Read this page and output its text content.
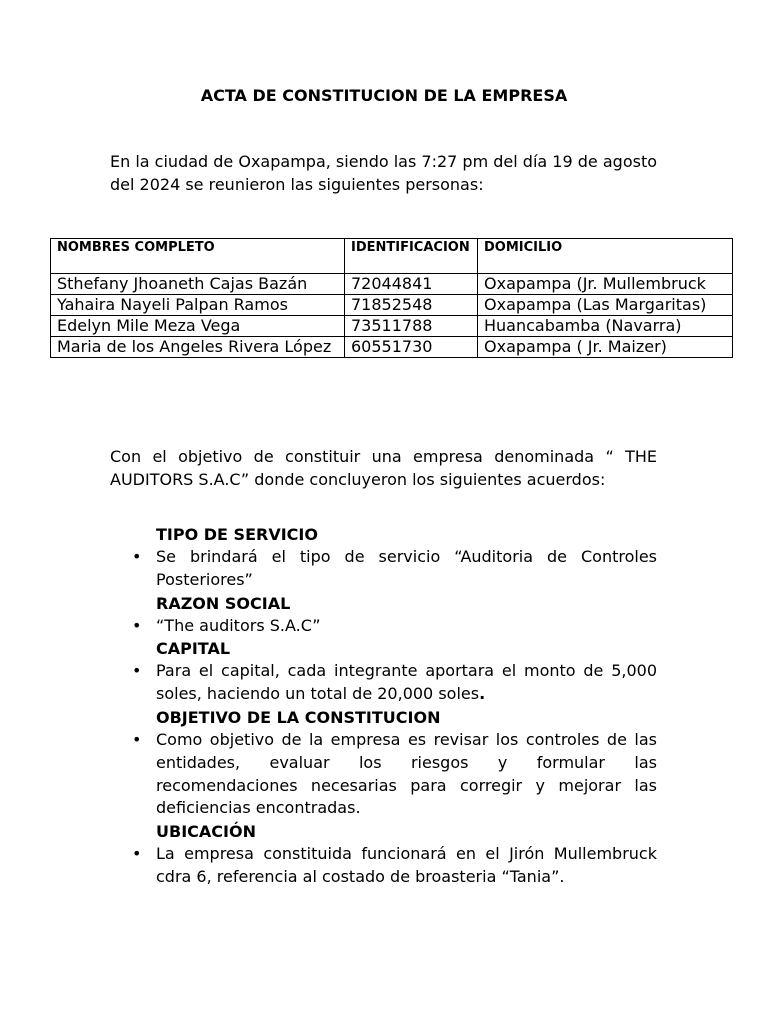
ACTA DE CONSTITUCION DE LA EMPRESA
En la ciudad de Oxapampa, siendo las 7:27 pm del día 19 de agosto del 2024 se reunieron las siguientes personas:
NOMBRES COMPLETO	IDENTIFICACION	DOMICILIO
Sthefany Jhoaneth Cajas Bazán	72044841	Oxapampa (Jr. Mullembruck
Yahaira Nayeli Palpan Ramos	71852548	Oxapampa (Las Margaritas)
Edelyn Mile Meza Vega	73511788	Huancabamba (Navarra)
Maria de los Angeles Rivera López	60551730	Oxapampa ( Jr. Maizer)
Con el objetivo de constituir una empresa denominada “ THE AUDITORS S.A.C” donde concluyeron los siguientes acuerdos:
TIPO DE SERVICIO
• Se brindará el tipo de servicio “Auditoria de Controles Posteriores”
RAZON SOCIAL
• “The auditors S.A.C”
CAPITAL
• Para el capital, cada integrante aportara el monto de 5,000 soles, haciendo un total de 20,000 soles.
OBJETIVO DE LA CONSTITUCION
• Como objetivo de la empresa es revisar los controles de las entidades, evaluar los riesgos y formular las recomendaciones necesarias para corregir y mejorar las deficiencias encontradas.
UBICACIÓN
• La empresa constituida funcionará en el Jirón Mullembruck cdra 6, referencia al costado de broasteria “Tania”.
